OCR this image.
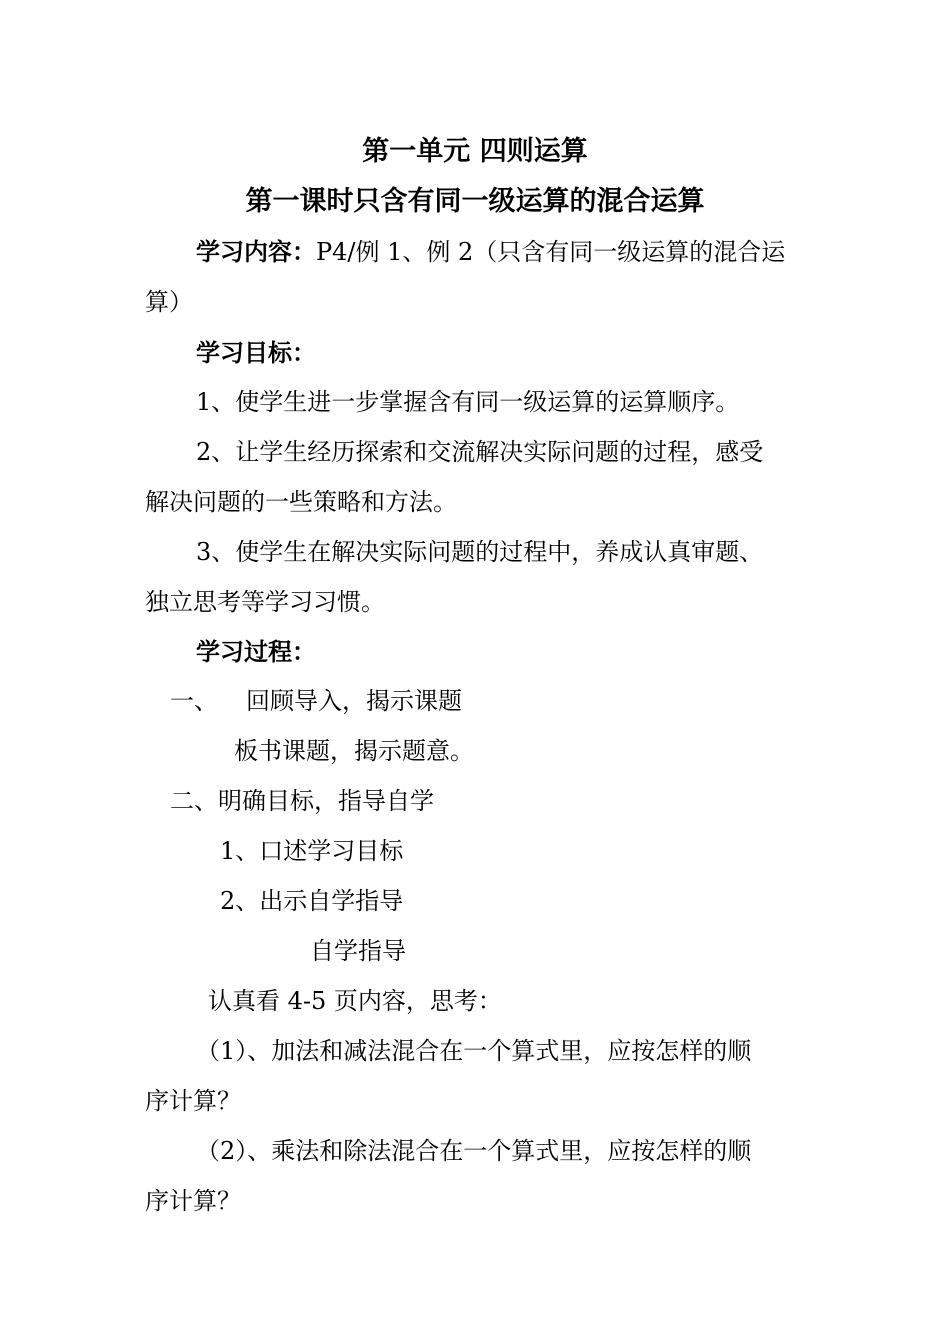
第一单元 四则运算
第一课时只含有同一级运算的混合运算
学习内容：P4/例 1、例 2（只含有同一级运算的混合运
算）
学习目标：
1、使学生进一步掌握含有同一级运算的运算顺序。
2、让学生经历探索和交流解决实际问题的过程，感受
解决问题的一些策略和方法。
3、使学生在解决实际问题的过程中，养成认真审题、
独立思考等学习习惯。
学习过程：
一、 回顾导入，揭示课题
板书课题，揭示题意。
二、明确目标，指导自学
1、口述学习目标
2、出示自学指导
自学指导
认真看 4-5 页内容，思考：
（1）、加法和减法混合在一个算式里，应按怎样的顺
序计算？
（2）、乘法和除法混合在一个算式里，应按怎样的顺
序计算？
